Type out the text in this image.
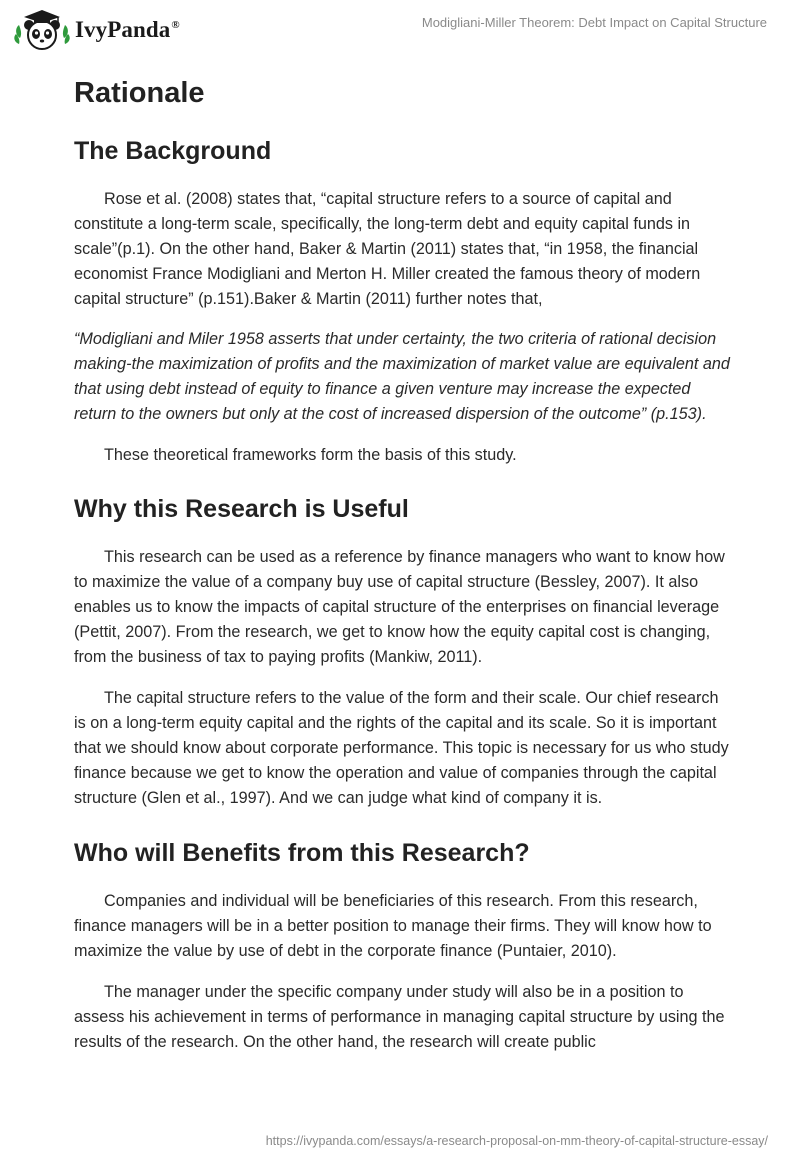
IvyPanda®	Modigliani-Miller Theorem: Debt Impact on Capital Structure
Rationale
The Background

Rose et al. (2008) states that, “capital structure refers to a source of capital and constitute a long-term scale, specifically, the long-term debt and equity capital funds in scale”(p.1). On the other hand, Baker & Martin (2011) states that, “in 1958, the financial economist France Modigliani and Merton H. Miller created the famous theory of modern capital structure” (p.151).Baker & Martin (2011) further notes that,

“Modigliani and Miler 1958 asserts that under certainty, the two criteria of rational decision making-the maximization of profits and the maximization of market value are equivalent and that using debt instead of equity to finance a given venture may increase the expected return to the owners but only at the cost of increased dispersion of the outcome” (p.153).

These theoretical frameworks form the basis of this study.

Why this Research is Useful

This research can be used as a reference by finance managers who want to know how to maximize the value of a company buy use of capital structure (Bessley, 2007). It also enables us to know the impacts of capital structure of the enterprises on financial leverage (Pettit, 2007). From the research, we get to know how the equity capital cost is changing, from the business of tax to paying profits (Mankiw, 2011).

The capital structure refers to the value of the form and their scale. Our chief research is on a long-term equity capital and the rights of the capital and its scale. So it is important that we should know about corporate performance. This topic is necessary for us who study finance because we get to know the operation and value of companies through the capital structure (Glen et al., 1997). And we can judge what kind of company it is.

Who will Benefits from this Research?

Companies and individual will be beneficiaries of this research. From this research, finance managers will be in a better position to manage their firms. They will know how to maximize the value by use of debt in the corporate finance (Puntaier, 2010).

The manager under the specific company under study will also be in a position to assess his achievement in terms of performance in managing capital structure by using the results of the research. On the other hand, the research will create public

https://ivypanda.com/essays/a-research-proposal-on-mm-theory-of-capital-structure-essay/
